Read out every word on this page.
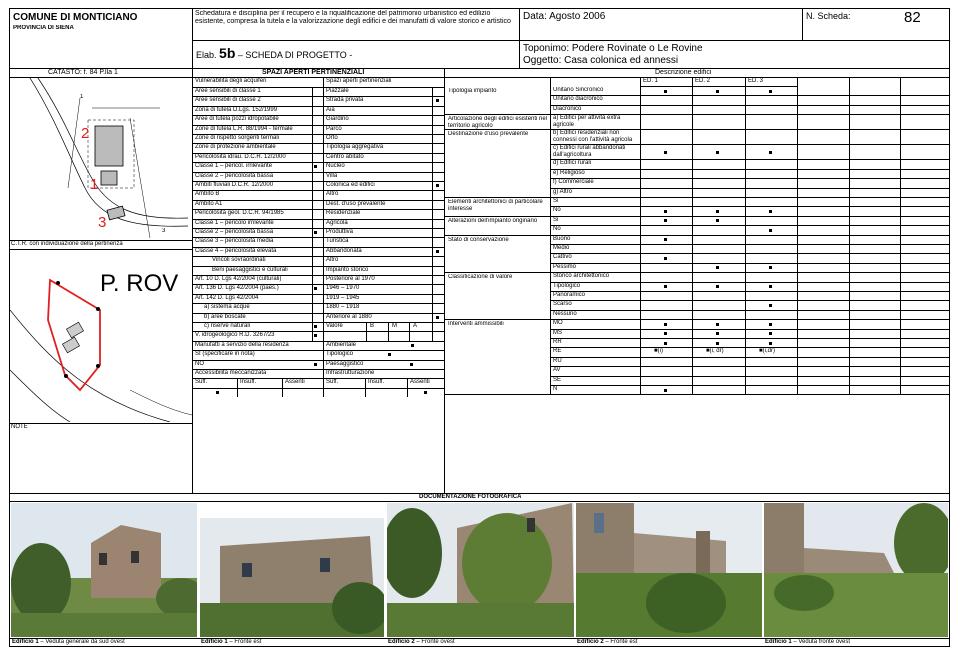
COMUNE DI MONTICIANO
PROVINCIA DI SIENA
Schedatura e disciplina per il recupero e la riqualificazione del patrimonio urbanistico ed edilizio esistente, compresa la tutela e la valorizzazione degli edifici e dei manufatti di valore storico e artistico	Data: Agosto 2006	N. Scheda:	82
Elab. 5b – SCHEDA DI PROGETTO -
Toponimo: Podere Rovinate o Le Rovine
Oggetto: Casa colonica ed annessi
CATASTO: f. 84 P.lla 1	SPAZI APERTI PERTINENZIALI	Descrizione edifici
2
1
3
1
3
C.T.R. con individuazione della pertinenza
P. ROV
NOTE
Vulnerabilità degli acquiferi	Spazi aperti pertinenziali
Aree sensibili di classe 1	Piazzale
Aree sensibili di classe 2	Strada privata
Zona di tutela D.Lgs. 152/1999	Aia
Aree di tutela pozzi idropotabile	Giardino
Zone di tutela L.R. 88/1994 - termale	Parco
Zone di rispetto sorgenti termali	Orto
Zone di protezione ambientale	Tipologia aggregativa
Pericolosità idrau. D.C.R. 12/2000	Centro abitato
Classe 1 – pericol. irrilevante	Nucleo
Classe 2 – pericolosità bassa	Villa
Ambiti fluviali D.C.R. 12/2000	Colonica ed edifici
Ambito B	Altro
Ambito A1	Dest. d'uso prevalente
Pericolosità geol. D.C.R. 94/1985	Residenziale
Classe 1 – pericolo irrilevante	Agricola
Classe 2 – pericolosità bassa	Produttiva
Classe 3 – pericolosità media	Turistica
Classe 4 – pericolosità elevata	Abbandonata
Vincoli sovraordinati	Altro
Beni paesaggistici e culturali	Impianto storico
Art. 10 D. Lgs 42/2004 (culturali)	Posteriore al 1970
Art. 136 D. Lgs 42/2004 (paes.)	1946 – 1970
Art. 142 D. Lgs 42/2004	1919 – 1945
a) sistema acque	1880 – 1918
b) aree boscate	Anteriore al 1880
c) riserve naturali	Valore
V. idrogeologico R.D. 3267/23
B	M	A
Manufatti a servizio della residenza	Ambientale
SI (specificare in nota)	Tipologico
NO	Paesaggistico
Accessibilità meccanizzata	Infrastrutturazione
Suff.	Insuff.	Assenti	Suff.	Insuff.	Assenti
ED. 1	ED. 2	ED. 3
Tipologia impianto	Unitario Sincronico
Unitario diacronico
Diacronico
Articolazione degli edifici esistenti nel territorio agricolo
a) Edifici per attività extra agricole
Destinazione d'uso prevalente	b) Edifici residenziali non connessi con l'attività agricola
c) Edifici rurali abbandonati dall'agricoltura
d) Edifici rurali
e) Religioso
f) Commerciale
g) Altro
Elementi architettonici di particolare interesse
Si
No
Alterazioni dell'impianto originario	Si
No
Stato di conservazione	Buono
Medio
Cattivo
Pessimo
Classificazione di valore	Storico architettonico
Tipologico
Panoramico
Scarso
Nessuno
Interventi ammissibili	MO
MS
RR
RE	■(i)	■(i, dr)	■(i,dr)
RU
AV
SE
N
DOCUMENTAZIONE FOTOGRAFICA
Edificio 1 – Veduta generale da sud ovest	Edificio 1 – Fronte est	Edificio 2 – Fronte ovest	Edificio 2 – Fronte est	Edificio 1 – Veduta fronte ovest
